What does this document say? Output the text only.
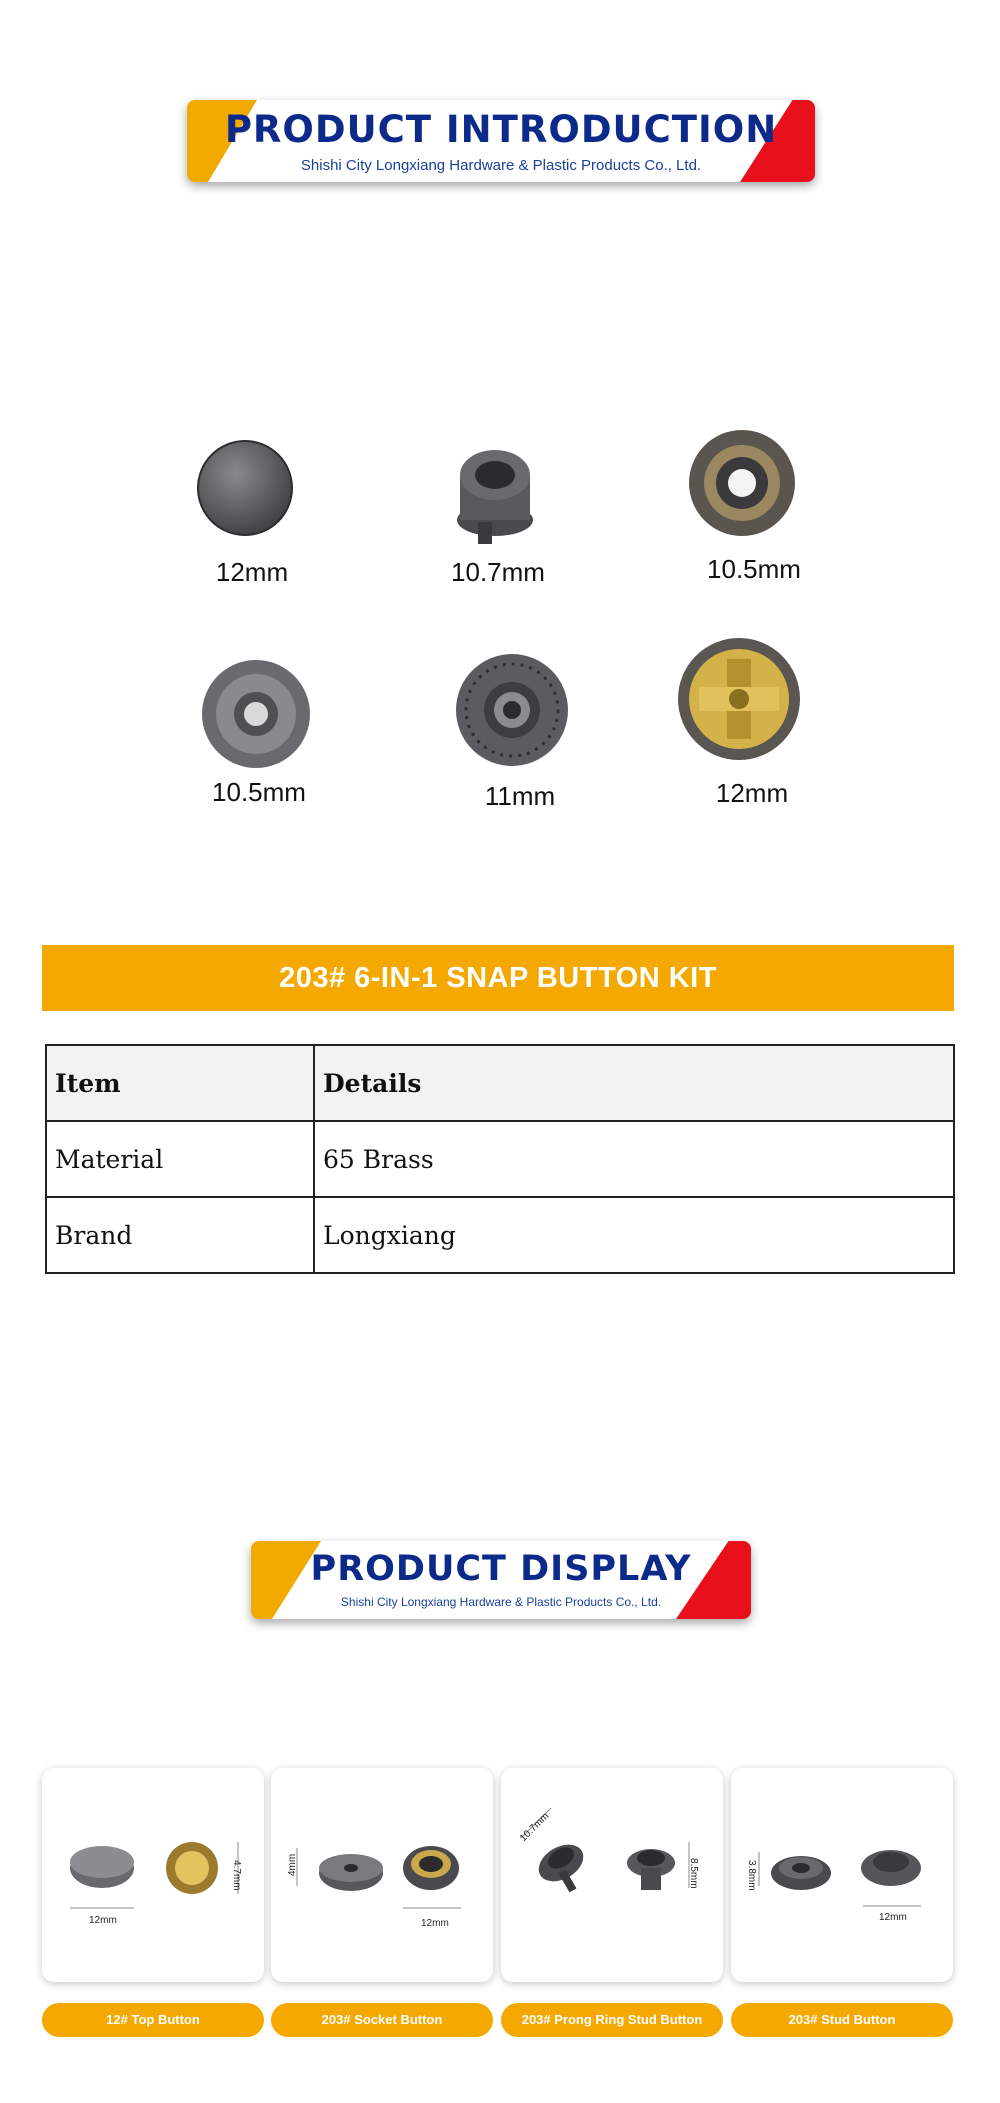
PRODUCT INTRODUCTION
Shishi City Longxiang Hardware & Plastic Products Co., Ltd.
12mm	10.7mm	10.5mm
10.5mm	11mm	12mm
203# 6-IN-1 SNAP BUTTON KIT
Item	Details
Material	65 Brass
Brand	Longxiang
PRODUCT DISPLAY
Shishi City Longxiang Hardware & Plastic Products Co., Ltd.
12mm
4.7mm
12# Top Button
4mm
12mm
203# Socket Button
10.7mm
8.5mm
203# Prong Ring Stud Button
3.8mm
12mm
203# Stud Button
